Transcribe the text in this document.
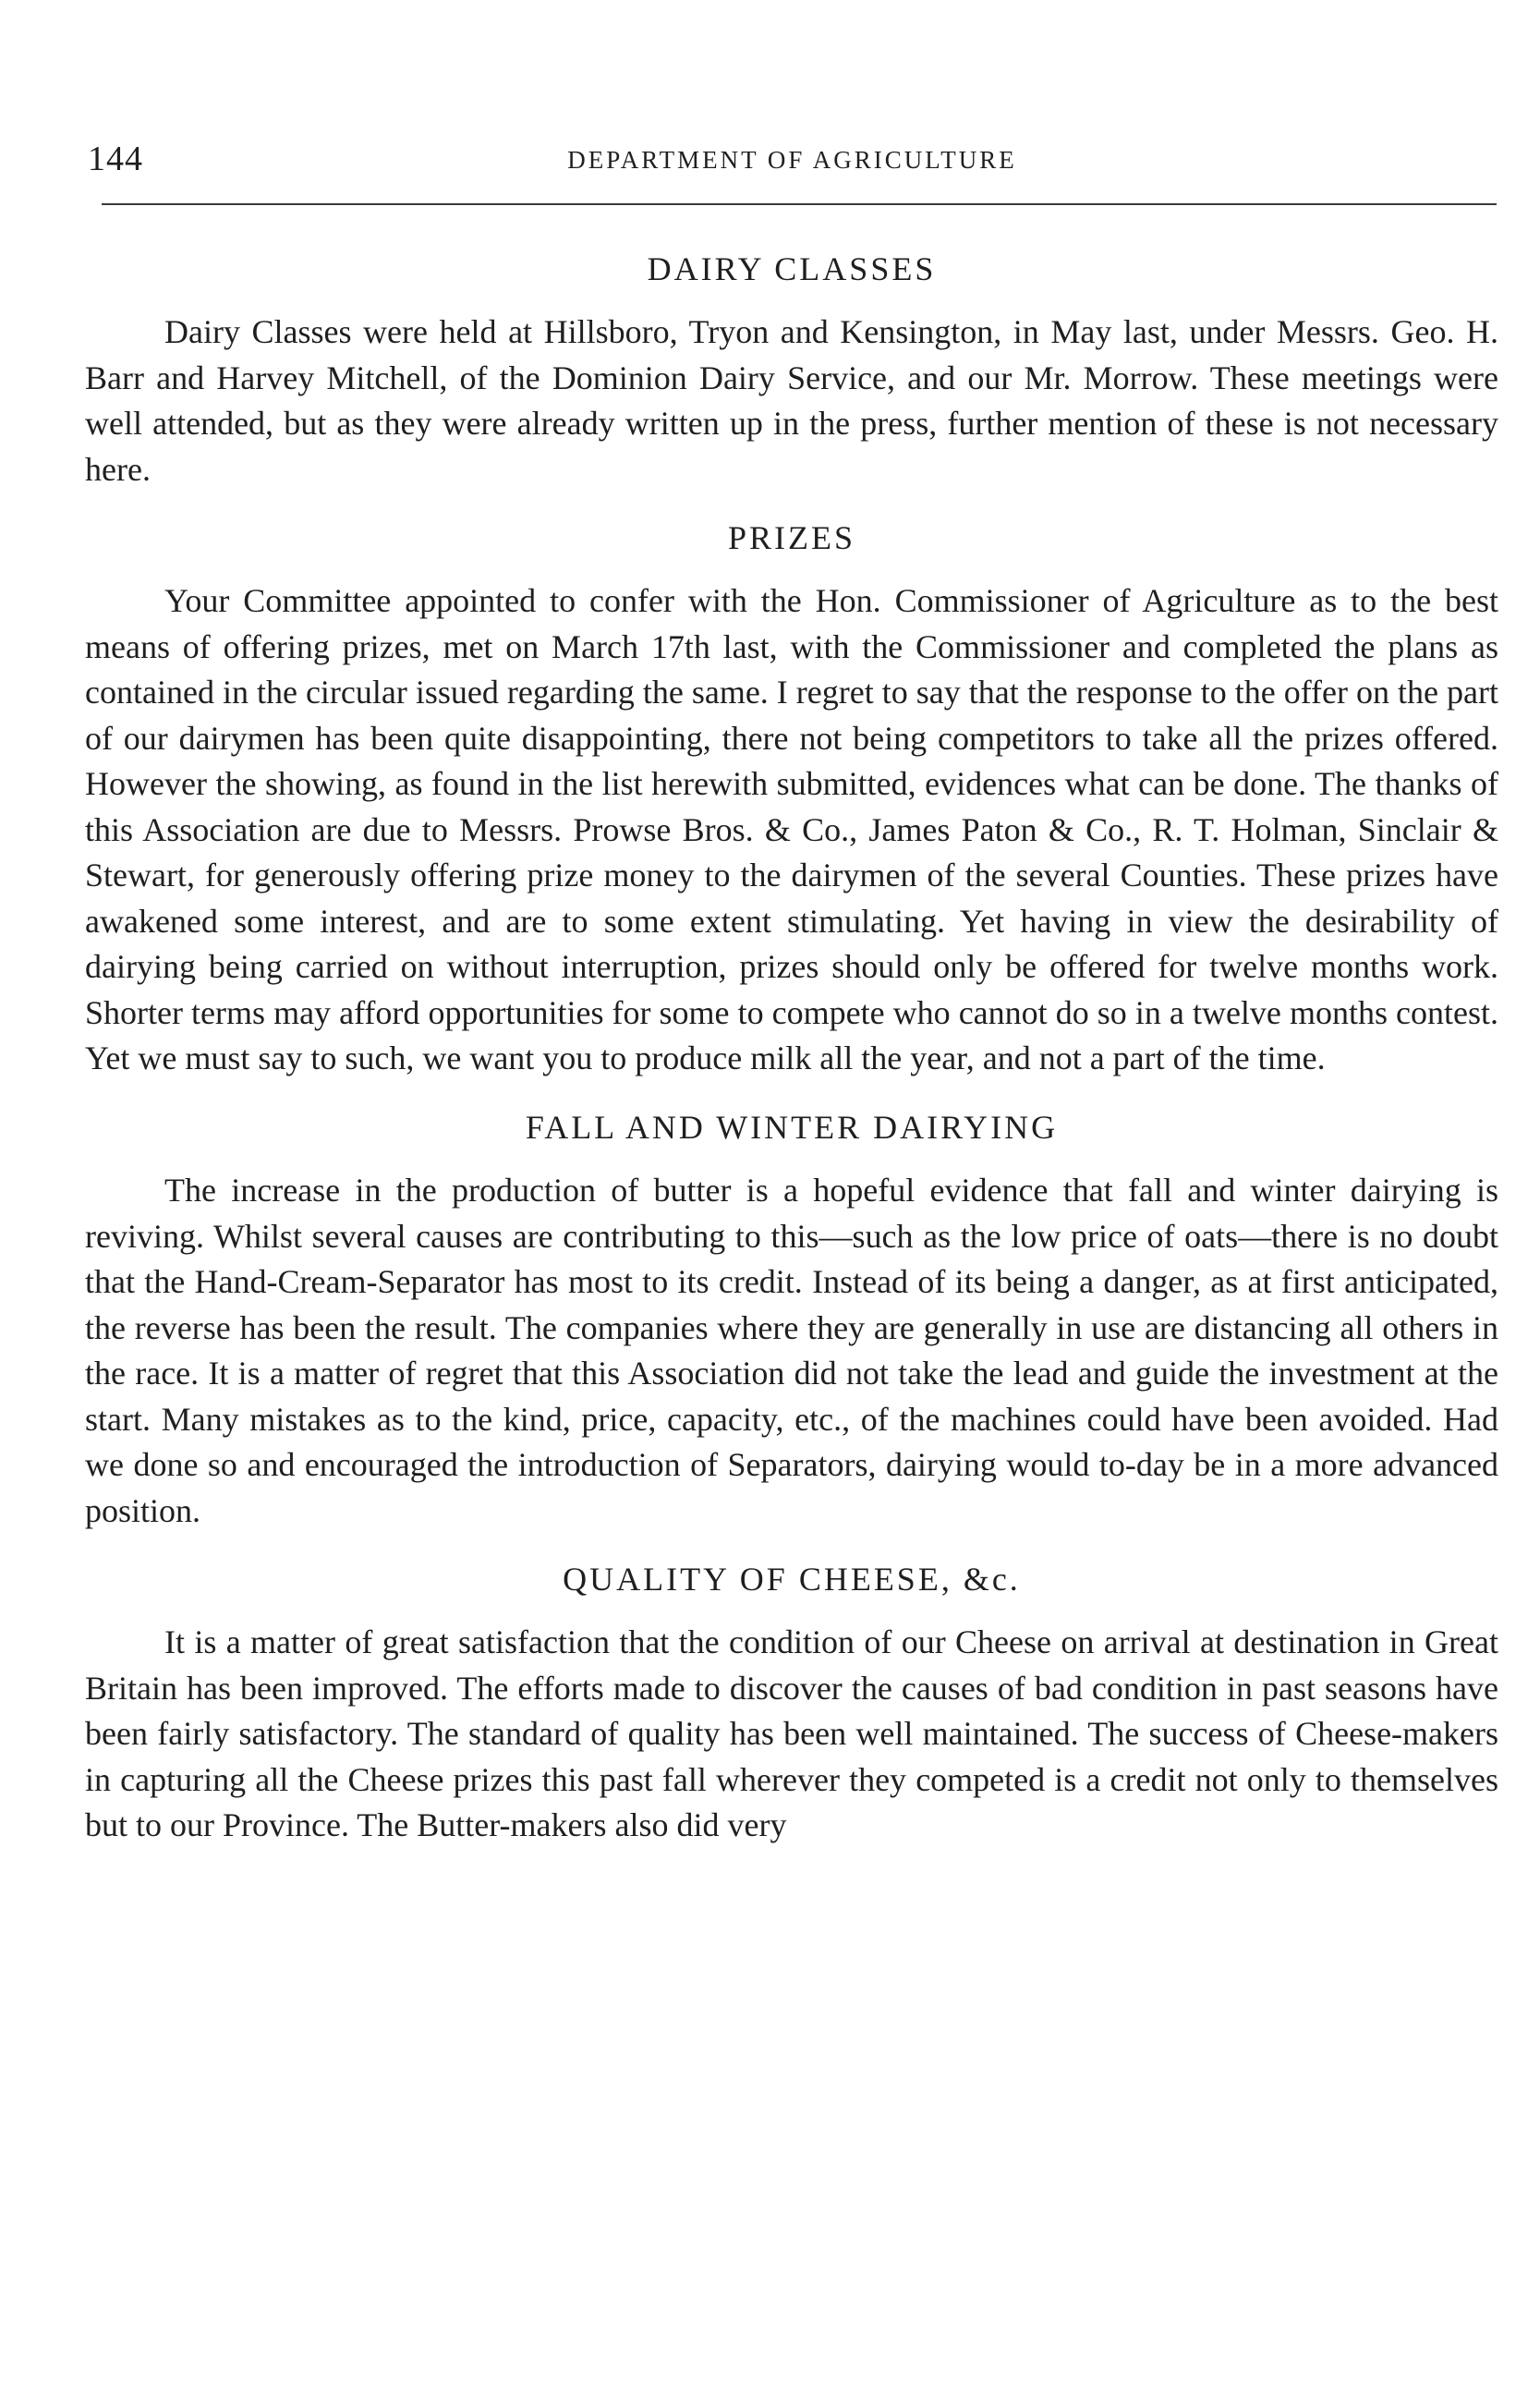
144	DEPARTMENT OF AGRICULTURE
DAIRY CLASSES

Dairy Classes were held at Hillsboro, Tryon and Kensington, in May last, under Messrs. Geo. H. Barr and Harvey Mitchell, of the Dominion Dairy Service, and our Mr. Morrow. These meetings were well attended, but as they were already written up in the press, further mention of these is not necessary here.

PRIZES

Your Committee appointed to confer with the Hon. Commissioner of Agriculture as to the best means of offering prizes, met on March 17th last, with the Commissioner and completed the plans as contained in the circular issued regarding the same. I regret to say that the response to the offer on the part of our dairymen has been quite disappointing, there not being competitors to take all the prizes offered. However the showing, as found in the list herewith submitted, evidences what can be done. The thanks of this Association are due to Messrs. Prowse Bros. & Co., James Paton & Co., R. T. Holman, Sinclair & Stewart, for generously offering prize money to the dairymen of the several Counties. These prizes have awakened some interest, and are to some extent stimulating. Yet having in view the desirability of dairying being carried on without interruption, prizes should only be offered for twelve months work. Shorter terms may afford opportunities for some to compete who cannot do so in a twelve months contest. Yet we must say to such, we want you to produce milk all the year, and not a part of the time.

FALL AND WINTER DAIRYING

The increase in the production of butter is a hopeful evidence that fall and winter dairying is reviving. Whilst several causes are contributing to this—such as the low price of oats—there is no doubt that the Hand-Cream-Separator has most to its credit. Instead of its being a danger, as at first anticipated, the reverse has been the result. The companies where they are generally in use are distancing all others in the race. It is a matter of regret that this Association did not take the lead and guide the investment at the start. Many mistakes as to the kind, price, capacity, etc., of the machines could have been avoided. Had we done so and encouraged the introduction of Separators, dairying would to-day be in a more advanced position.

QUALITY OF CHEESE, &c.

It is a matter of great satisfaction that the condition of our Cheese on arrival at destination in Great Britain has been improved. The efforts made to discover the causes of bad condition in past seasons have been fairly satisfactory. The standard of quality has been well maintained. The success of Cheese-makers in capturing all the Cheese prizes this past fall wherever they competed is a credit not only to themselves but to our Province. The Butter-makers also did very
